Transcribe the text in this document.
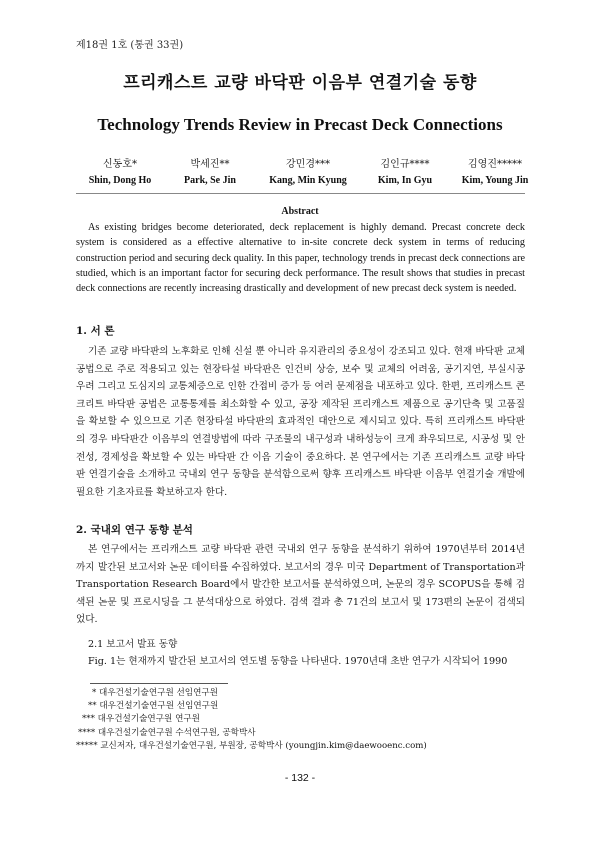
제18권 1호 (통권 33권)
프리캐스트 교량 바닥판 이음부 연결기술 동향
Technology Trends Review in Precast Deck Connections
신동호*
Shin, Dong Ho
박세진**
Park, Se Jin
강민경***
Kang, Min Kyung
김인규****
Kim, In Gyu
김영진*****
Kim, Young Jin
Abstract
As existing bridges become deteriorated, deck replacement is highly demand. Precast concrete deck system is considered as a effective alternative to in-site concrete deck system in terms of reducing construction period and securing deck quality. In this paper, technology trends in precast deck connections are studied, which is an important factor for securing deck performance. The result shows that studies in precast deck connections are recently increasing drastically and development of new precast deck system is needed.
1. 서 론
기존 교량 바닥판의 노후화로 인해 신설 뿐 아니라 유지관리의 중요성이 강조되고 있다. 현재 바닥판 교체공법으로 주로 적용되고 있는 현장타설 바닥판은 인건비 상승, 보수 및 교체의 어려움, 공기지연, 부실시공 우려 그리고 도심지의 교통체증으로 인한 간접비 증가 등 여러 문제점을 내포하고 있다. 한편, 프리캐스트 콘크리트 바닥판 공법은 교통통제를 최소화할 수 있고, 공장 제작된 프리캐스트 제품으로 공기단축 및 고품질을 확보할 수 있으므로 기존 현장타설 바닥판의 효과적인 대안으로 제시되고 있다. 특히 프리캐스트 바닥판의 경우 바닥판간 이음부의 연결방법에 따라 구조물의 내구성과 내하성능이 크게 좌우되므로, 시공성 및 안전성, 경제성을 확보할 수 있는 바닥판 간 이음 기술이 중요하다. 본 연구에서는 기존 프리캐스트 교량 바닥판 연결기술을 소개하고 국내외 연구 동향을 분석함으로써 향후 프리캐스트 바닥판 이음부 연결기술 개발에 필요한 기초자료를 확보하고자 한다.
2. 국내외 연구 동향 분석
본 연구에서는 프리캐스트 교량 바닥판 관련 국내외 연구 동향을 분석하기 위하여 1970년부터 2014년까지 발간된 보고서와 논문 데이터를 수집하였다. 보고서의 경우 미국 Department of Transportation과 Transportation Research Board에서 발간한 보고서를 분석하였으며, 논문의 경우 SCOPUS을 통해 검색된 논문 및 프로시딩을 그 분석대상으로 하였다. 검색 결과 총 71건의 보고서 및 173편의 논문이 검색되었다.
2.1 보고서 발표 동향
Fig. 1는 현재까지 발간된 보고서의 연도별 동향을 나타낸다. 1970년대 초반 연구가 시작되어 1990
* 대우건설기술연구원 선임연구원
** 대우건설기술연구원 선임연구원
*** 대우건설기술연구원 연구원
**** 대우건설기술연구원 수석연구원, 공학박사
***** 교신저자, 대우건설기술연구원, 부원장, 공학박사 (youngjin.kim@daewooenc.com)
- 132 -
